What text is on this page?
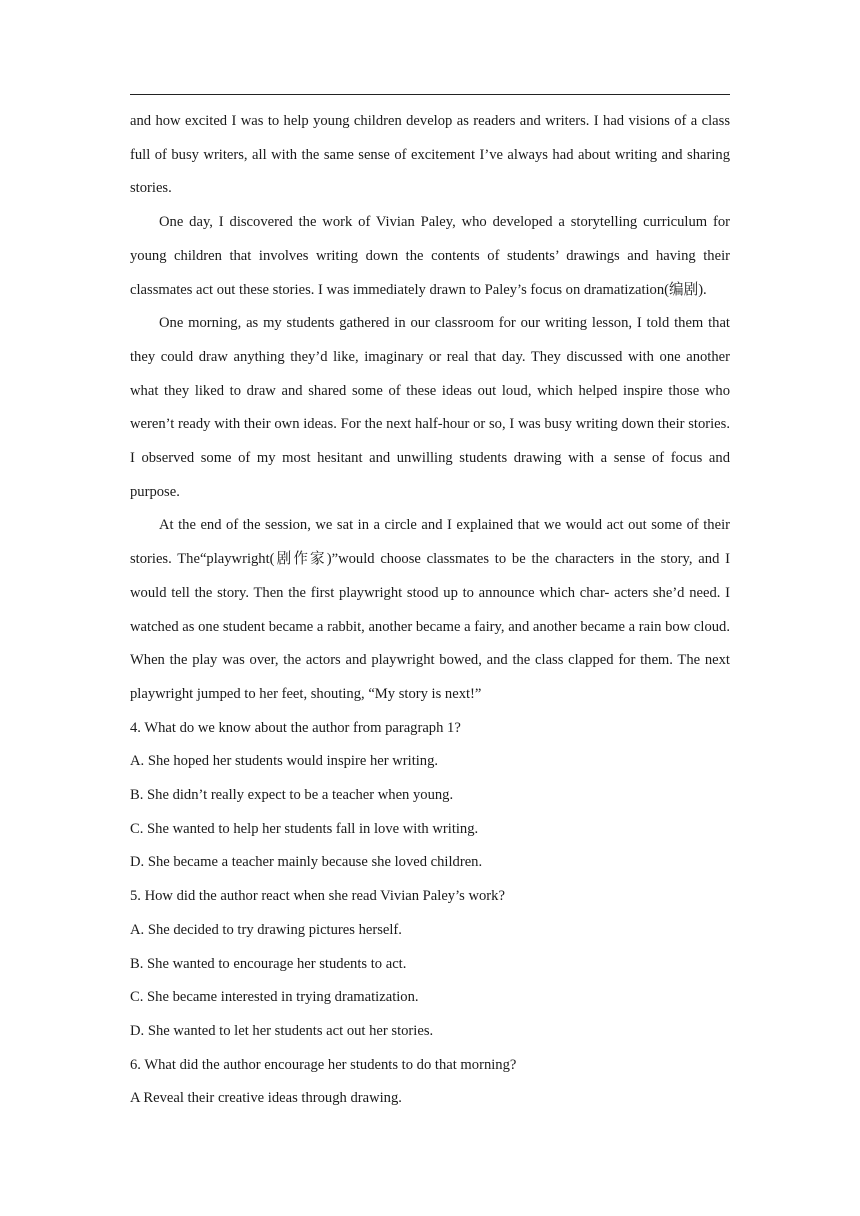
and how excited I was to help young children develop as readers and writers. I had visions of a class full of busy writers, all with the same sense of excitement I’ve always had about writing and sharing stories.

One day, I discovered the work of Vivian Paley, who developed a storytelling curriculum for young children that involves writing down the contents of students’ drawings and having their classmates act out these stories. I was immediately drawn to Paley’s focus on dramatization(编剧).

One morning, as my students gathered in our classroom for our writing lesson, I told them that they could draw anything they’d like, imaginary or real that day. They discussed with one another what they liked to draw and shared some of these ideas out loud, which helped inspire those who weren’t ready with their own ideas. For the next half-hour or so, I was busy writing down their stories. I observed some of my most hesitant and unwilling students drawing with a sense of focus and purpose.

At the end of the session, we sat in a circle and I explained that we would act out some of their stories. The“playwright(剧作家)”would choose classmates to be the characters in the story, and I would tell the story. Then the first playwright stood up to announce which char- acters she’d need. I watched as one student became a rabbit, another became a fairy, and another became a rain bow cloud. When the play was over, the actors and playwright bowed, and the class clapped for them. The next playwright jumped to her feet, shouting, “My story is next!”

4. What do we know about the author from paragraph 1?

A. She hoped her students would inspire her writing.

B. She didn’t really expect to be a teacher when young.

C. She wanted to help her students fall in love with writing.

D. She became a teacher mainly because she loved children.

5. How did the author react when she read Vivian Paley’s work?

A. She decided to try drawing pictures herself.

B. She wanted to encourage her students to act.

C. She became interested in trying dramatization.

D. She wanted to let her students act out her stories.

6. What did the author encourage her students to do that morning?

A Reveal their creative ideas through drawing.
